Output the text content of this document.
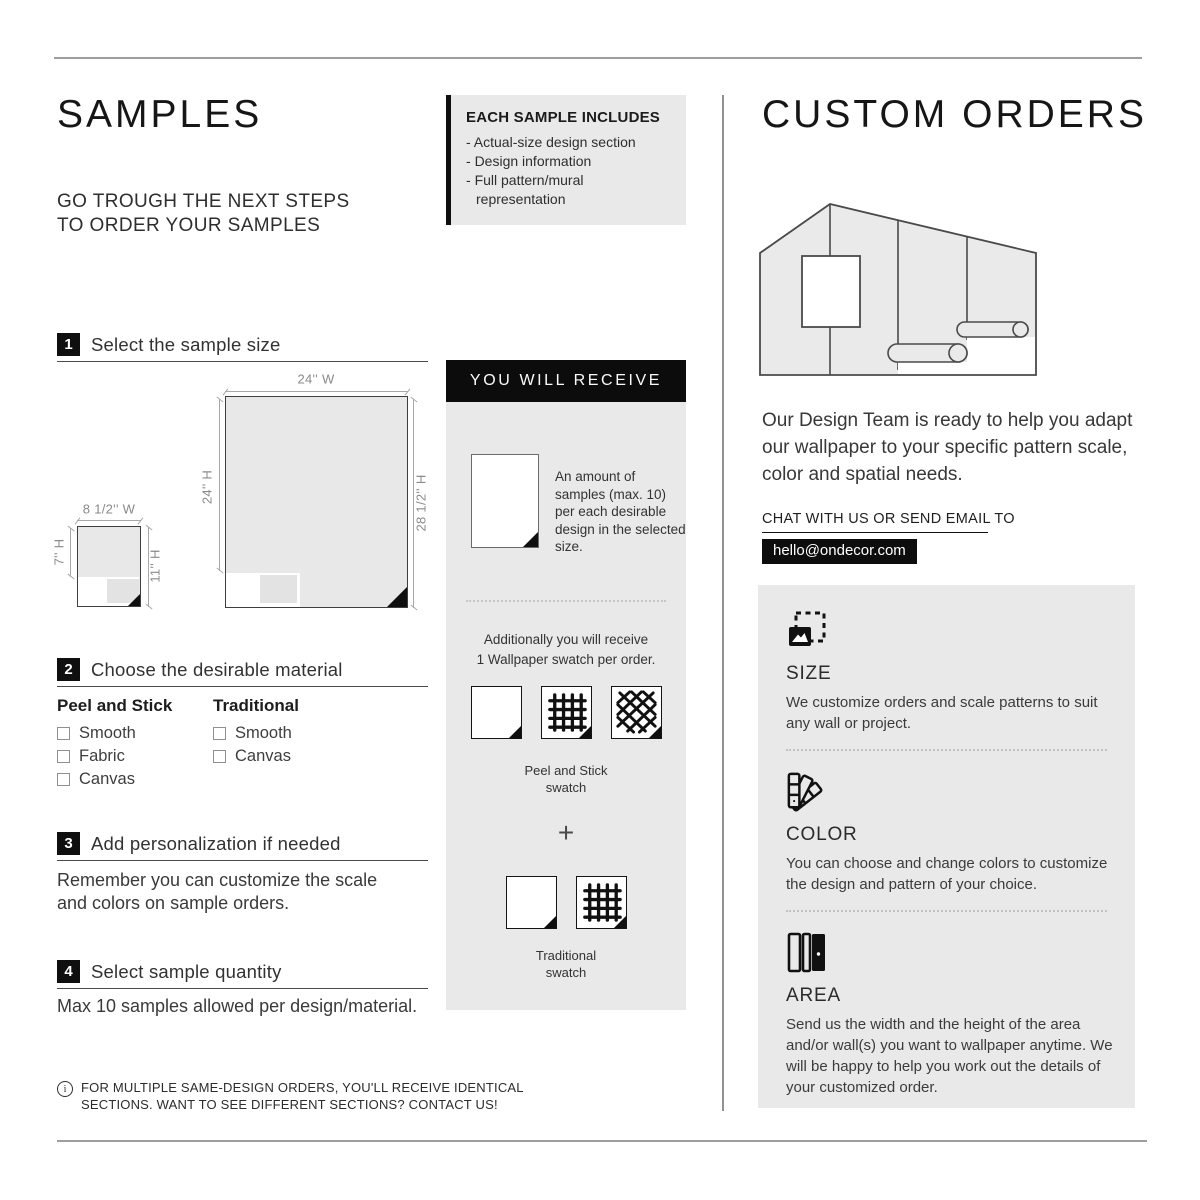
SAMPLES
GO TROUGH THE NEXT STEPS
TO ORDER YOUR SAMPLES
1 Select the sample size
24'' W
24'' H	28 1/2'' H
8 1/2'' W
7'' H	11'' H
2 Choose the desirable material
Peel and Stick
Smooth
Fabric
Canvas
Traditional
Smooth
Canvas
3 Add personalization if needed
Remember you can customize the scale
and colors on sample orders.
4 Select sample quantity
Max 10 samples allowed per design/material.
i
FOR MULTIPLE SAME-DESIGN ORDERS, YOU'LL RECEIVE IDENTICAL
SECTIONS. WANT TO SEE DIFFERENT SECTIONS? CONTACT US!
EACH SAMPLE INCLUDES
- Actual-size design section
- Design information
- Full pattern/mural representation
YOU WILL RECEIVE
An amount of samples (max. 10) per each desirable design in the selected size.
Additionally you will receive
1 Wallpaper swatch per order.
Peel and Stick
swatch
+
Traditional
swatch
CUSTOM ORDERS
Our Design Team is ready to help you adapt our wallpaper to your specific pattern scale, color and spatial needs.
CHAT WITH US OR SEND EMAIL TO
hello@ondecor.com
SIZE
We customize orders and scale patterns to suit any wall or project.
COLOR
You can choose and change colors to customize the design and pattern of your choice.
AREA
Send us the width and the height of the area and/or wall(s) you want to wallpaper anytime. We will be happy to help you work out the details of your customized order.
